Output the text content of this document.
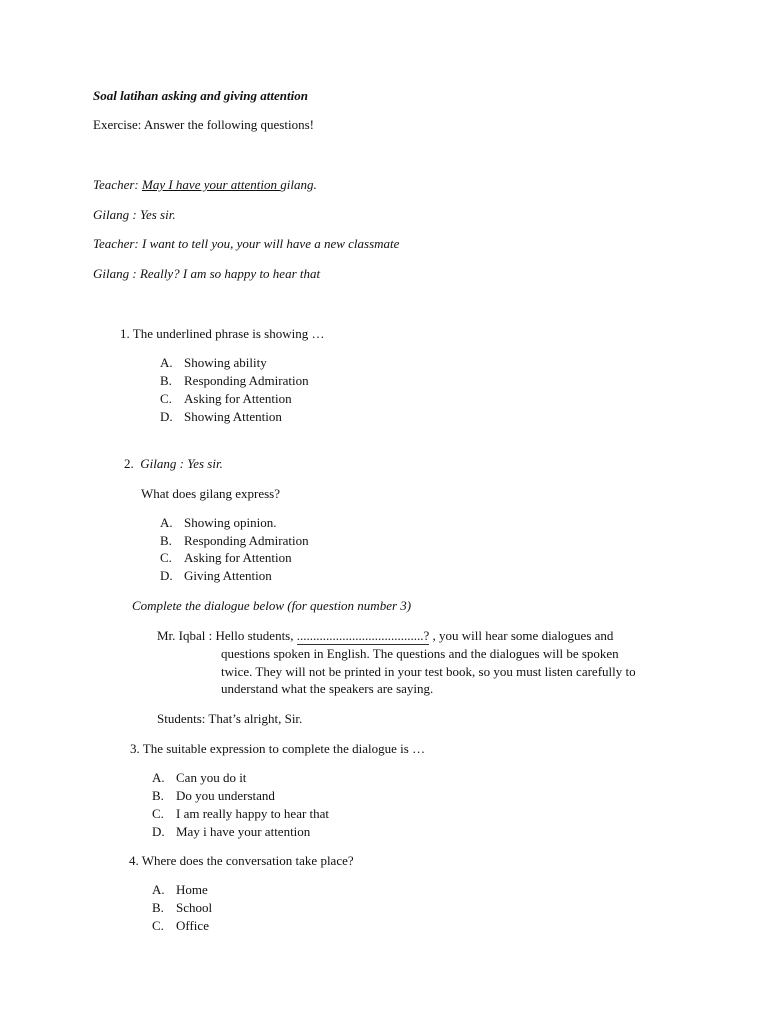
Soal latihan asking and giving attention
Exercise: Answer the following questions!
Teacher: May I have your attention gilang.
Gilang : Yes sir.
Teacher: I want to tell you, your will have a new classmate
Gilang : Really? I am so happy to hear that
1. The underlined phrase is showing …
A. Showing ability
B. Responding Admiration
C. Asking for Attention
D. Showing Attention
2. Gilang : Yes sir.
What does gilang express?
A. Showing opinion.
B. Responding Admiration
C. Asking for Attention
D. Giving Attention
Complete the dialogue below (for question number 3)
Mr. Iqbal : Hello students, .......................................? , you will hear some dialogues and
questions spoken in English. The questions and the dialogues will be spoken
twice. They will not be printed in your test book, so you must listen carefully to
understand what the speakers are saying.
Students: That’s alright, Sir.
3. The suitable expression to complete the dialogue is …
A. Can you do it
B. Do you understand
C. I am really happy to hear that
D. May i have your attention
4. Where does the conversation take place?
A. Home
B. School
C. Office
